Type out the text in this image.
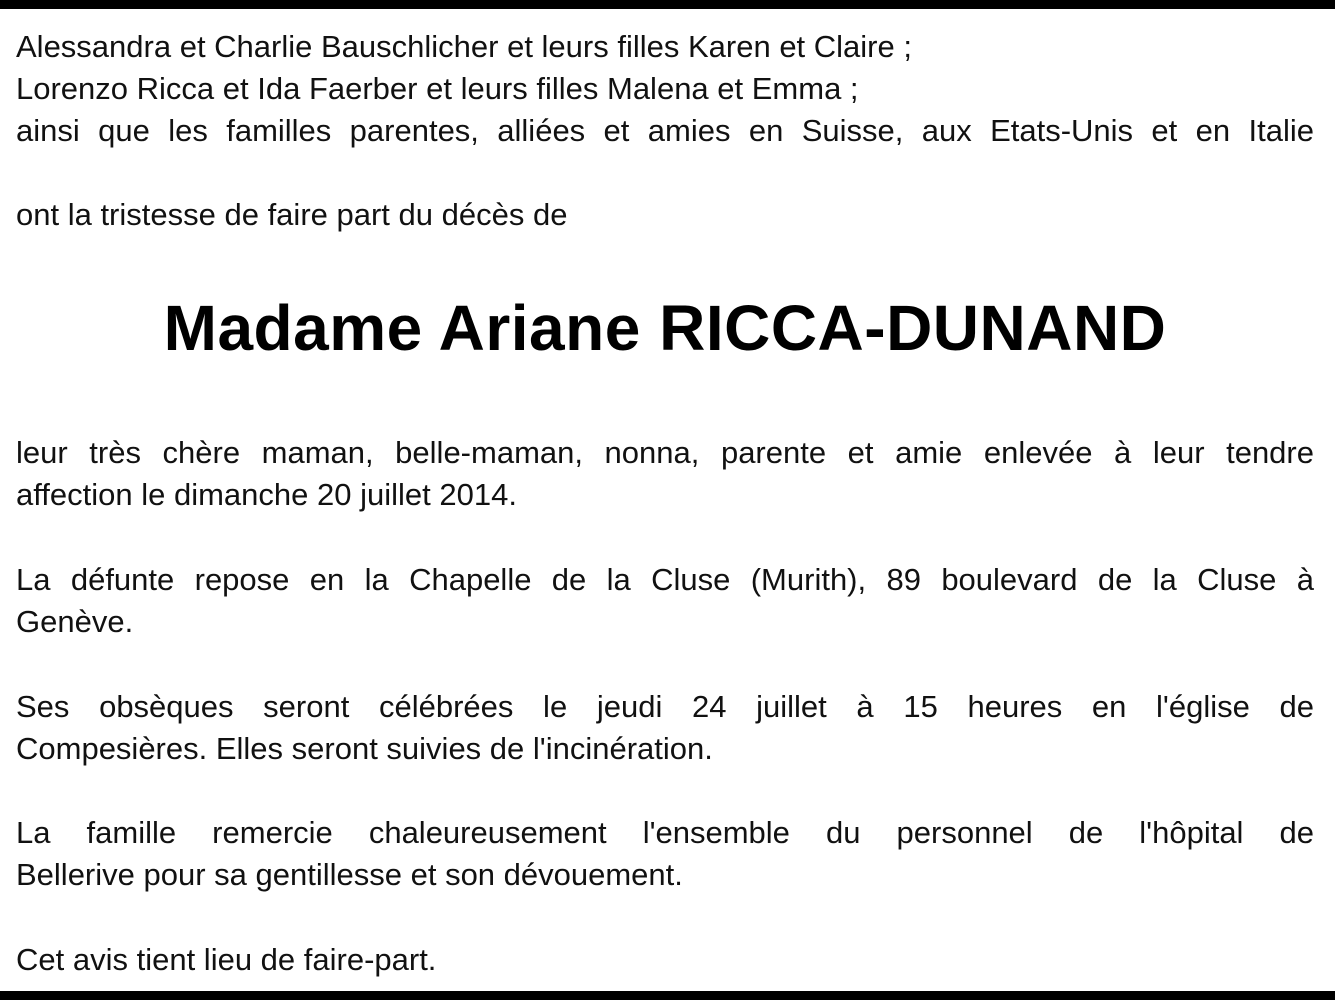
Alessandra et Charlie Bauschlicher et leurs filles Karen et Claire ;
Lorenzo Ricca et Ida Faerber et leurs filles Malena et Emma ;
ainsi que les familles parentes, alliées et amies en Suisse, aux Etats-Unis et en Italie
ont la tristesse de faire part du décès de
Madame Ariane RICCA-DUNAND
leur très chère maman, belle-maman, nonna, parente et amie enlevée à leur tendre
affection le dimanche 20 juillet 2014.
La défunte repose en la Chapelle de la Cluse (Murith), 89 boulevard de la Cluse à
Genève.
Ses obsèques seront célébrées le jeudi 24 juillet à 15 heures en l'église de
Compesières. Elles seront suivies de l'incinération.
La famille remercie chaleureusement l'ensemble du personnel de l'hôpital de
Bellerive pour sa gentillesse et son dévouement.
Cet avis tient lieu de faire-part.
